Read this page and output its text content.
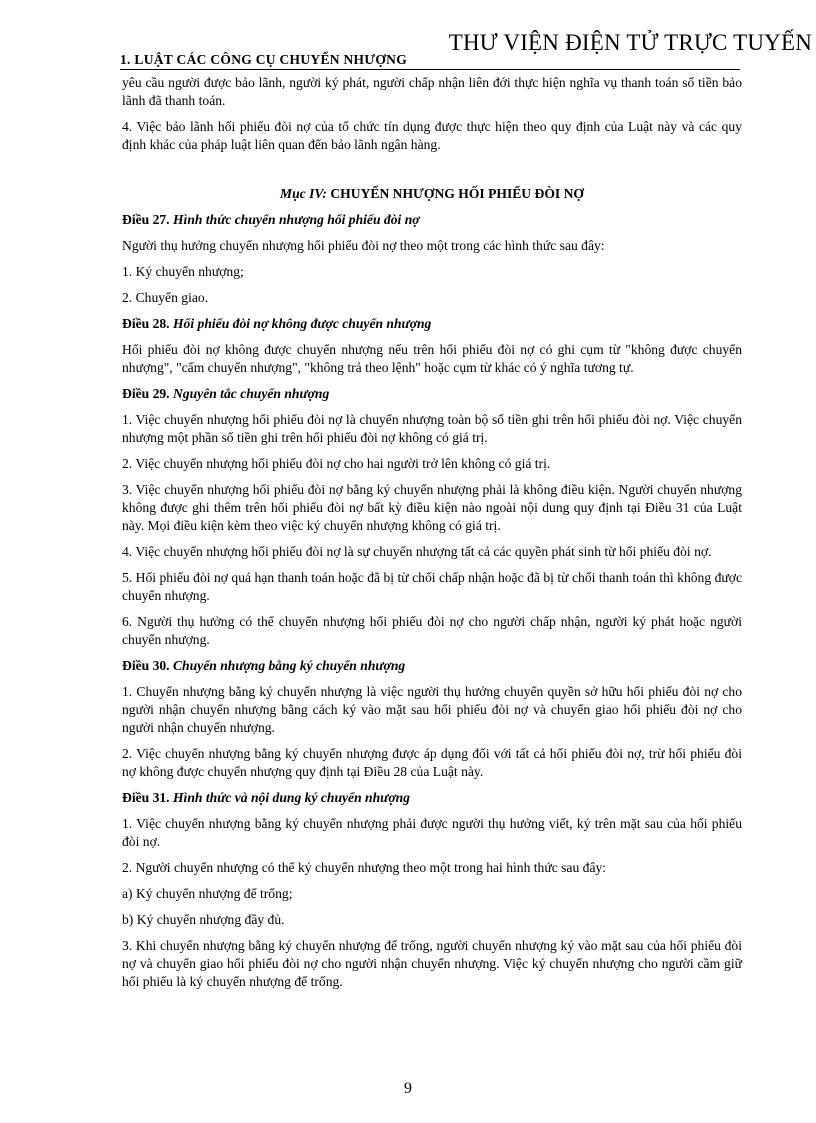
THƯ VIỆN ĐIỆN TỬ TRỰC TUYẾN
1. LUẬT CÁC CÔNG CỤ CHUYỂN NHƯỢNG

yêu cầu người được bảo lãnh, người ký phát, người chấp nhận liên đới thực hiện nghĩa vụ thanh toán số tiền bảo lãnh đã thanh toán.

4. Việc bảo lãnh hối phiếu đòi nợ của tổ chức tín dụng được thực hiện theo quy định của Luật này và các quy định khác của pháp luật liên quan đến bảo lãnh ngân hàng.

Mục IV: CHUYỂN NHƯỢNG HỐI PHIẾU ĐÒI NỢ

Điều 27. Hình thức chuyển nhượng hối phiếu đòi nợ

Người thụ hưởng chuyển nhượng hối phiếu đòi nợ theo một trong các hình thức sau đây:

1. Ký chuyển nhượng;

2. Chuyển giao.

Điều 28. Hối phiếu đòi nợ không được chuyển nhượng

Hối phiếu đòi nợ không được chuyển nhượng nếu trên hối phiếu đòi nợ có ghi cụm từ "không được chuyển nhượng", "cấm chuyển nhượng", "không trả theo lệnh" hoặc cụm từ khác có ý nghĩa tương tự.

Điều 29. Nguyên tắc chuyển nhượng

1. Việc chuyển nhượng hối phiếu đòi nợ là chuyển nhượng toàn bộ số tiền ghi trên hối phiếu đòi nợ. Việc chuyển nhượng một phần số tiền ghi trên hối phiếu đòi nợ không có giá trị.

2. Việc chuyển nhượng hối phiếu đòi nợ cho hai người trở lên không có giá trị.

3. Việc chuyển nhượng hối phiếu đòi nợ bằng ký chuyển nhượng phải là không điều kiện. Người chuyển nhượng không được ghi thêm trên hối phiếu đòi nợ bất kỳ điều kiện nào ngoài nội dung quy định tại Điều 31 của Luật này. Mọi điều kiện kèm theo việc ký chuyển nhượng không có giá trị.

4. Việc chuyển nhượng hối phiếu đòi nợ là sự chuyển nhượng tất cả các quyền phát sinh từ hối phiếu đòi nợ.

5. Hối phiếu đòi nợ quá hạn thanh toán hoặc đã bị từ chối chấp nhận hoặc đã bị từ chối thanh toán thì không được chuyển nhượng.

6. Người thụ hưởng có thể chuyển nhượng hối phiếu đòi nợ cho người chấp nhận, người ký phát hoặc người chuyển nhượng.

Điều 30. Chuyển nhượng bằng ký chuyển nhượng

1. Chuyển nhượng bằng ký chuyển nhượng là việc người thụ hưởng chuyển quyền sở hữu hối phiếu đòi nợ cho người nhận chuyển nhượng bằng cách ký vào mặt sau hối phiếu đòi nợ và chuyển giao hối phiếu đòi nợ cho người nhận chuyển nhượng.

2. Việc chuyển nhượng bằng ký chuyển nhượng được áp dụng đối với tất cả hối phiếu đòi nợ, trừ hối phiếu đòi nợ không được chuyển nhượng quy định tại Điều 28 của Luật này.

Điều 31. Hình thức và nội dung ký chuyển nhượng

1. Việc chuyển nhượng bằng ký chuyển nhượng phải được người thụ hưởng viết, ký trên mặt sau của hối phiếu đòi nợ.

2. Người chuyển nhượng có thể ký chuyển nhượng theo một trong hai hình thức sau đây:

a) Ký chuyển nhượng để trống;

b) Ký chuyển nhượng đầy đủ.

3. Khi chuyển nhượng bằng ký chuyển nhượng để trống, người chuyển nhượng ký vào mặt sau của hối phiếu đòi nợ và chuyển giao hối phiếu đòi nợ cho người nhận chuyển nhượng. Việc ký chuyển nhượng cho người cầm giữ hối phiếu là ký chuyển nhượng để trống.

9
